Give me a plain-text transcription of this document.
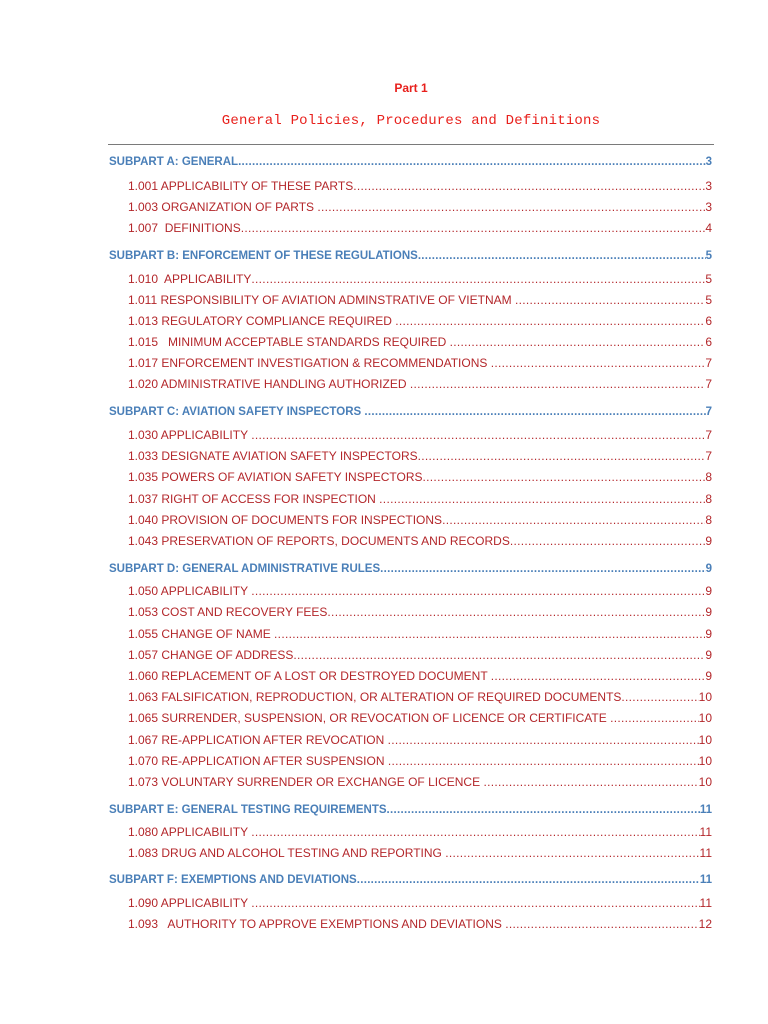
Part 1
General Policies, Procedures and Definitions
SUBPART A: GENERAL .....	3
1.001 APPLICABILITY OF THESE PARTS .....	3
1.003 ORGANIZATION OF PARTS .....	3
1.007  DEFINITIONS .....	4
SUBPART B: ENFORCEMENT OF THESE REGULATIONS .....	5
1.010  APPLICABILITY .....	5
1.011 RESPONSIBILITY OF AVIATION ADMINSTRATIVE OF VIETNAM .....	5
1.013 REGULATORY COMPLIANCE REQUIRED .....	6
1.015   MINIMUM ACCEPTABLE STANDARDS REQUIRED .....	6
1.017 ENFORCEMENT INVESTIGATION & RECOMMENDATIONS .....	7
1.020 ADMINISTRATIVE HANDLING AUTHORIZED .....	7
SUBPART C: AVIATION SAFETY INSPECTORS .....	7
1.030 APPLICABILITY .....	7
1.033 DESIGNATE AVIATION SAFETY INSPECTORS .....	7
1.035 POWERS OF AVIATION SAFETY INSPECTORS .....	8
1.037 RIGHT OF ACCESS FOR INSPECTION .....	8
1.040 PROVISION OF DOCUMENTS FOR INSPECTIONS .....	8
1.043 PRESERVATION OF REPORTS, DOCUMENTS AND RECORDS .....	9
SUBPART D: GENERAL ADMINISTRATIVE RULES .....	9
1.050 APPLICABILITY .....	9
1.053 COST AND RECOVERY FEES .....	9
1.055 CHANGE OF NAME .....	9
1.057 CHANGE OF ADDRESS .....	9
1.060 REPLACEMENT OF A LOST OR DESTROYED DOCUMENT .....	9
1.063 FALSIFICATION, REPRODUCTION, OR ALTERATION OF REQUIRED DOCUMENTS .....	10
1.065 SURRENDER, SUSPENSION, OR REVOCATION OF LICENCE OR CERTIFICATE .....	10
1.067 RE-APPLICATION AFTER REVOCATION .....	10
1.070 RE-APPLICATION AFTER SUSPENSION .....	10
1.073 VOLUNTARY SURRENDER OR EXCHANGE OF LICENCE .....	10
SUBPART E: GENERAL TESTING REQUIREMENTS .....	11
1.080 APPLICABILITY .....	11
1.083 DRUG AND ALCOHOL TESTING AND REPORTING .....	11
SUBPART F: EXEMPTIONS AND DEVIATIONS .....	11
1.090 APPLICABILITY .....	11
1.093   AUTHORITY TO APPROVE EXEMPTIONS AND DEVIATIONS .....	12
